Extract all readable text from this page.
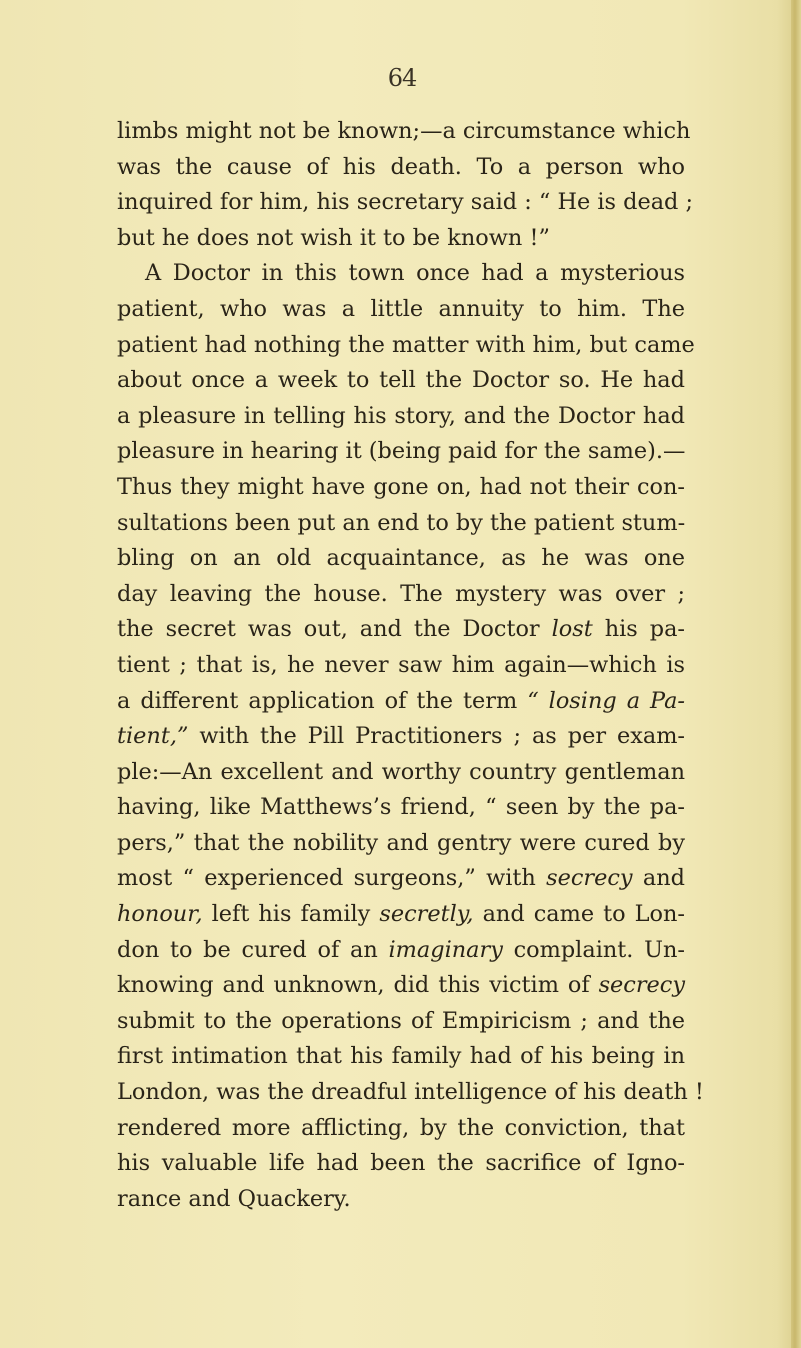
64
limbs might not be known;—a circumstance which
was the cause of his death. To a person who
inquired for him, his secretary said : “ He is dead ;
but he does not wish it to be known !”
A Doctor in this town once had a mysterious
patient, who was a little annuity to him. The
patient had nothing the matter with him, but came
about once a week to tell the Doctor so. He had
a pleasure in telling his story, and the Doctor had
pleasure in hearing it (being paid for the same).—
Thus they might have gone on, had not their con-
sultations been put an end to by the patient stum-
bling on an old acquaintance, as he was one
day leaving the house. The mystery was over ;
the secret was out, and the Doctor lost his pa-
tient ; that is, he never saw him again—which is
a different application of the term “ losing a Pa-
tient,” with the Pill Practitioners ; as per exam-
ple:—An excellent and worthy country gentleman
having, like Matthews’s friend, “ seen by the pa-
pers,” that the nobility and gentry were cured by
most “ experienced surgeons,” with secrecy and
honour, left his family secretly, and came to Lon-
don to be cured of an imaginary complaint. Un-
knowing and unknown, did this victim of secrecy
submit to the operations of Empiricism ; and the
first intimation that his family had of his being in
London, was the dreadful intelligence of his death !
rendered more afflicting, by the conviction, that
his valuable life had been the sacrifice of Igno-
rance and Quackery.
